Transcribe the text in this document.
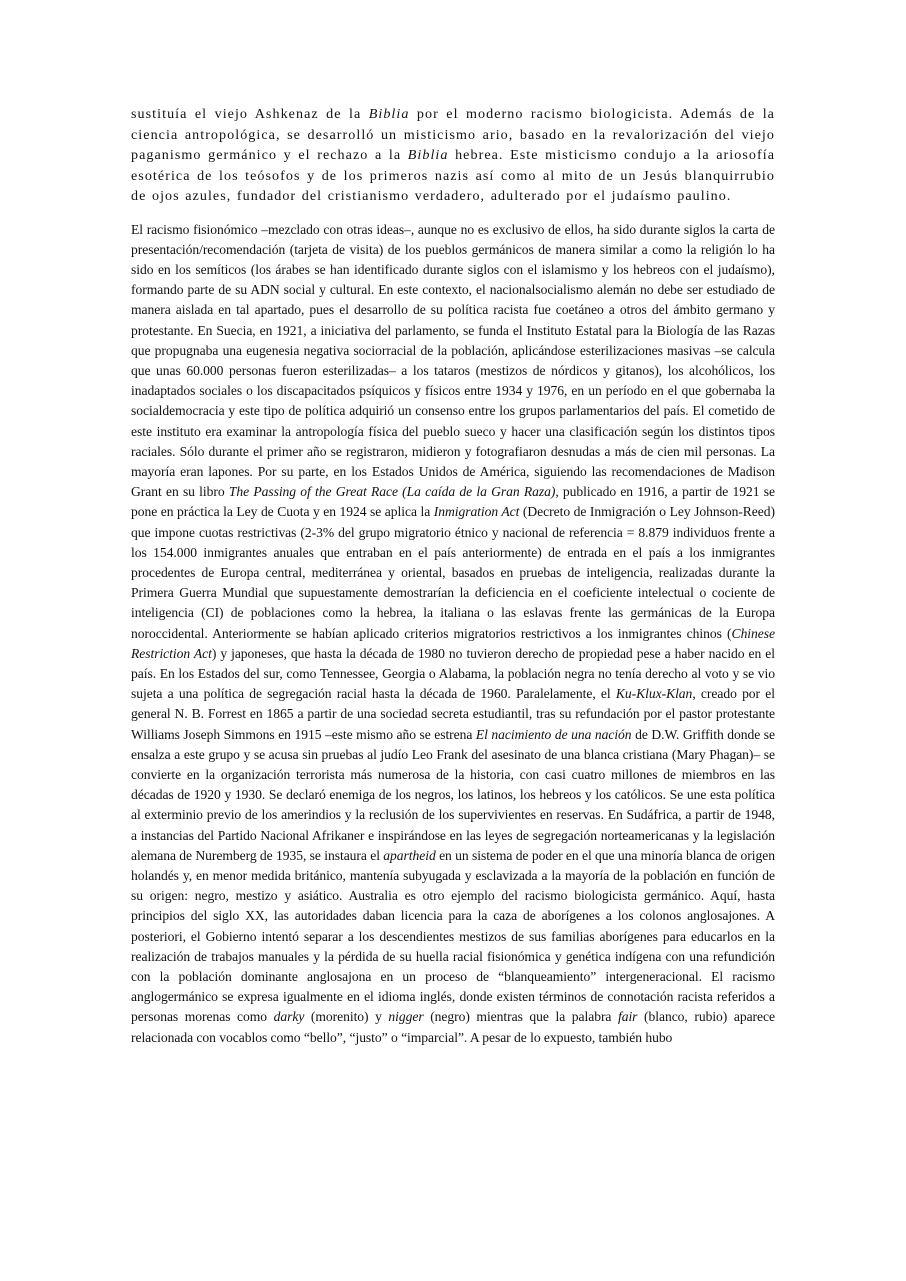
sustituía el viejo Ashkenaz de la Biblia por el moderno racismo biologicista. Además de la ciencia antropológica, se desarrolló un misticismo ario, basado en la revalorización del viejo paganismo germánico y el rechazo a la Biblia hebrea. Este misticismo condujo a la ariosofía esotérica de los teósofos y de los primeros nazis así como al mito de un Jesús blanquirrubio de ojos azules, fundador del cristianismo verdadero, adulterado por el judaísmo paulino.

El racismo fisionómico –mezclado con otras ideas–, aunque no es exclusivo de ellos, ha sido durante siglos la carta de presentación/recomendación (tarjeta de visita) de los pueblos germánicos de manera similar a como la religión lo ha sido en los semíticos (los árabes se han identificado durante siglos con el islamismo y los hebreos con el judaísmo), formando parte de su ADN social y cultural. En este contexto, el nacionalsocialismo alemán no debe ser estudiado de manera aislada en tal apartado, pues el desarrollo de su política racista fue coetáneo a otros del ámbito germano y protestante. En Suecia, en 1921, a iniciativa del parlamento, se funda el Instituto Estatal para la Biología de las Razas que propugnaba una eugenesia negativa sociorracial de la población, aplicándose esterilizaciones masivas –se calcula que unas 60.000 personas fueron esterilizadas– a los tataros (mestizos de nórdicos y gitanos), los alcohólicos, los inadaptados sociales o los discapacitados psíquicos y físicos entre 1934 y 1976, en un período en el que gobernaba la socialdemocracia y este tipo de política adquirió un consenso entre los grupos parlamentarios del país. El cometido de este instituto era examinar la antropología física del pueblo sueco y hacer una clasificación según los distintos tipos raciales. Sólo durante el primer año se registraron, midieron y fotografiaron desnudas a más de cien mil personas. La mayoría eran lapones. Por su parte, en los Estados Unidos de América, siguiendo las recomendaciones de Madison Grant en su libro The Passing of the Great Race (La caída de la Gran Raza), publicado en 1916, a partir de 1921 se pone en práctica la Ley de Cuota y en 1924 se aplica la Inmigration Act (Decreto de Inmigración o Ley Johnson-Reed) que impone cuotas restrictivas (2-3% del grupo migratorio étnico y nacional de referencia = 8.879 individuos frente a los 154.000 inmigrantes anuales que entraban en el país anteriormente) de entrada en el país a los inmigrantes procedentes de Europa central, mediterránea y oriental, basados en pruebas de inteligencia, realizadas durante la Primera Guerra Mundial que supuestamente demostrarían la deficiencia en el coeficiente intelectual o cociente de inteligencia (CI) de poblaciones como la hebrea, la italiana o las eslavas frente las germánicas de la Europa noroccidental. Anteriormente se habían aplicado criterios migratorios restrictivos a los inmigrantes chinos (Chinese Restriction Act) y japoneses, que hasta la década de 1980 no tuvieron derecho de propiedad pese a haber nacido en el país. En los Estados del sur, como Tennessee, Georgia o Alabama, la población negra no tenía derecho al voto y se vio sujeta a una política de segregación racial hasta la década de 1960. Paralelamente, el Ku-Klux-Klan, creado por el general N. B. Forrest en 1865 a partir de una sociedad secreta estudiantil, tras su refundación por el pastor protestante Williams Joseph Simmons en 1915 –este mismo año se estrena El nacimiento de una nación de D.W. Griffith donde se ensalza a este grupo y se acusa sin pruebas al judío Leo Frank del asesinato de una blanca cristiana (Mary Phagan)– se convierte en la organización terrorista más numerosa de la historia, con casi cuatro millones de miembros en las décadas de 1920 y 1930. Se declaró enemiga de los negros, los latinos, los hebreos y los católicos. Se une esta política al exterminio previo de los amerindios y la reclusión de los supervivientes en reservas. En Sudáfrica, a partir de 1948, a instancias del Partido Nacional Afrikaner e inspirándose en las leyes de segregación norteamericanas y la legislación alemana de Nuremberg de 1935, se instaura el apartheid en un sistema de poder en el que una minoría blanca de origen holandés y, en menor medida británico, mantenía subyugada y esclavizada a la mayoría de la población en función de su origen: negro, mestizo y asiático. Australia es otro ejemplo del racismo biologicista germánico. Aquí, hasta principios del siglo XX, las autoridades daban licencia para la caza de aborígenes a los colonos anglosajones. A posteriori, el Gobierno intentó separar a los descendientes mestizos de sus familias aborígenes para educarlos en la realización de trabajos manuales y la pérdida de su huella racial fisionómica y genética indígena con una refundición con la población dominante anglosajona en un proceso de “blanqueamiento” intergeneracional. El racismo anglogermánico se expresa igualmente en el idioma inglés, donde existen términos de connotación racista referidos a personas morenas como darky (morenito) y nigger (negro) mientras que la palabra fair (blanco, rubio) aparece relacionada con vocablos como “bello”, “justo” o “imparcial”. A pesar de lo expuesto, también hubo
